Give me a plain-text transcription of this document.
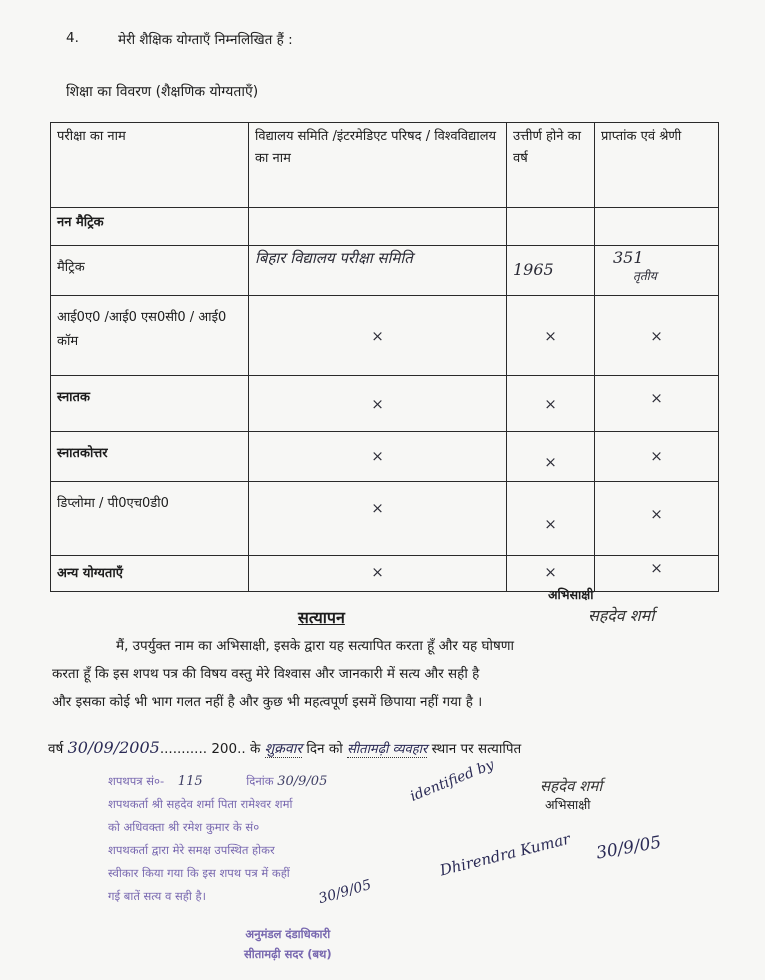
4.	मेरी शैक्षिक योग्ताएँ निम्नलिखित हैं :
शिक्षा का विवरण (शैक्षणिक योग्यताएँ)
परीक्षा का नाम	विद्यालय समिति /इंटरमेडिएट परिषद / विश्वविद्यालय का नाम	उत्तीर्ण होने का वर्ष	प्राप्तांक एवं श्रेणी
नन मैट्रिक			
मैट्रिक	बिहार विद्यालय परीक्षा समिति	1965	351
तृतीय

आई0ए0 /आई0 एस0सी0 / आई0 कॉम	×	×	×

स्नातक	×	×	×

स्नातकोत्तर	×	×	×

डिप्लोमा / पी0एच0डी0	×	×	×

अन्य योग्यताएँ	×	×	×
अभिसाक्षी
सहदेव शर्मा
सत्यापन
मैं, उपर्युक्त नाम का अभिसाक्षी, इसके द्वारा यह सत्यापित करता हूँ और यह घोषणा
करता हूँ कि इस शपथ पत्र की विषय वस्तु मेरे विश्वास और जानकारी में सत्य और सही है
और इसका कोई भी भाग गलत नहीं है और कुछ भी महत्वपूर्ण इसमें छिपाया नहीं गया है ।
वर्ष 30/09/2005........... 200.. के शुक्रवार दिन को सीतामढ़ी व्यवहार स्थान पर सत्यापित
शपथपत्र सं०- 115	दिनांक 30/9/05
शपथकर्ता श्री सहदेव शर्मा पिता रामेश्वर शर्मा
को अधिवक्ता श्री रमेश कुमार के सं०
शपथकर्ता द्वारा मेरे समक्ष उपस्थित होकर
स्वीकार किया गया कि इस शपथ पत्र में कहीं
गई बातें सत्य व सही है।
अनुमंडल दंडाधिकारी
सीतामढ़ी सदर (बथ)
सहदेव शर्मा
अभिसाक्षी
identified by
Dhirendra Kumar 30/9/05
30/9/05
